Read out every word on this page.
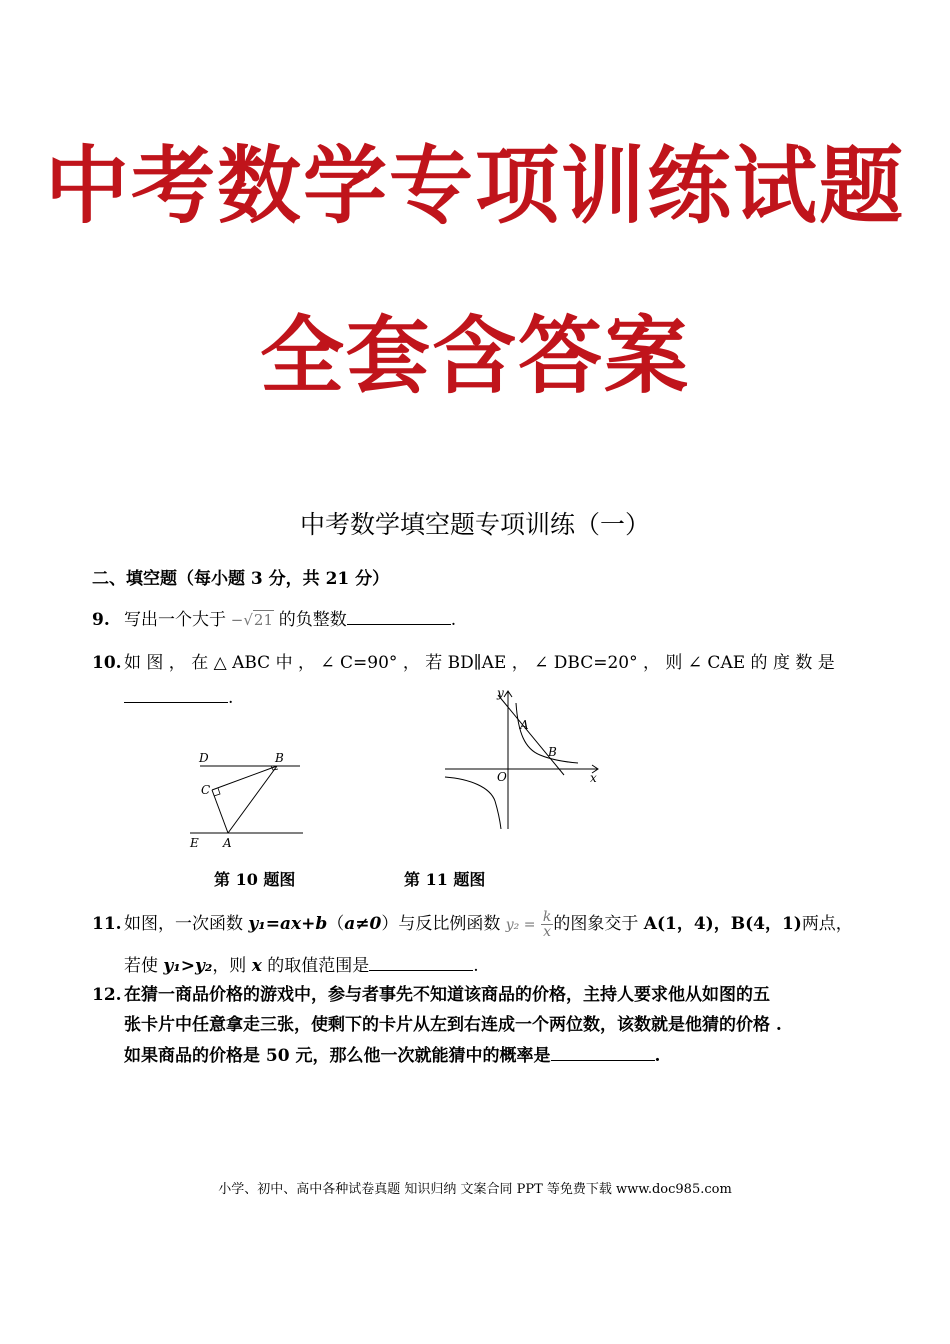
中考数学专项训练试题
全套含答案
中考数学填空题专项训练（一）
二、填空题（每小题 3 分，共 21 分）
9. 写出一个大于 −√21 的负整数	.
10. 如 图 ， 在 △ ABC 中 ， ∠ C=90° ， 若 BD∥AE ， ∠ DBC=20° ， 则 ∠ CAE 的 度 数 是
.
D	B
C
E A
y
A
B
O	x
第 10 题图	第 11 题图
11. 如图，一次函数 y₁=ax+b（a≠0）与反比例函数 $y_2 = \frac{k}{x}$ 的图象交于 A(1，4)，B(4，1)两点，
若使 y₁>y₂，则 x 的取值范围是	.
12. 在猜一商品价格的游戏中，参与者事先不知道该商品的价格，主持人要求他从如图的五
张卡片中任意拿走三张，使剩下的卡片从左到右连成一个两位数，该数就是他猜的价格 .
如果商品的价格是 50 元，那么他一次就能猜中的概率是	.
小学、初中、高中各种试卷真题 知识归纳 文案合同 PPT 等免费下载 www.doc985.com
